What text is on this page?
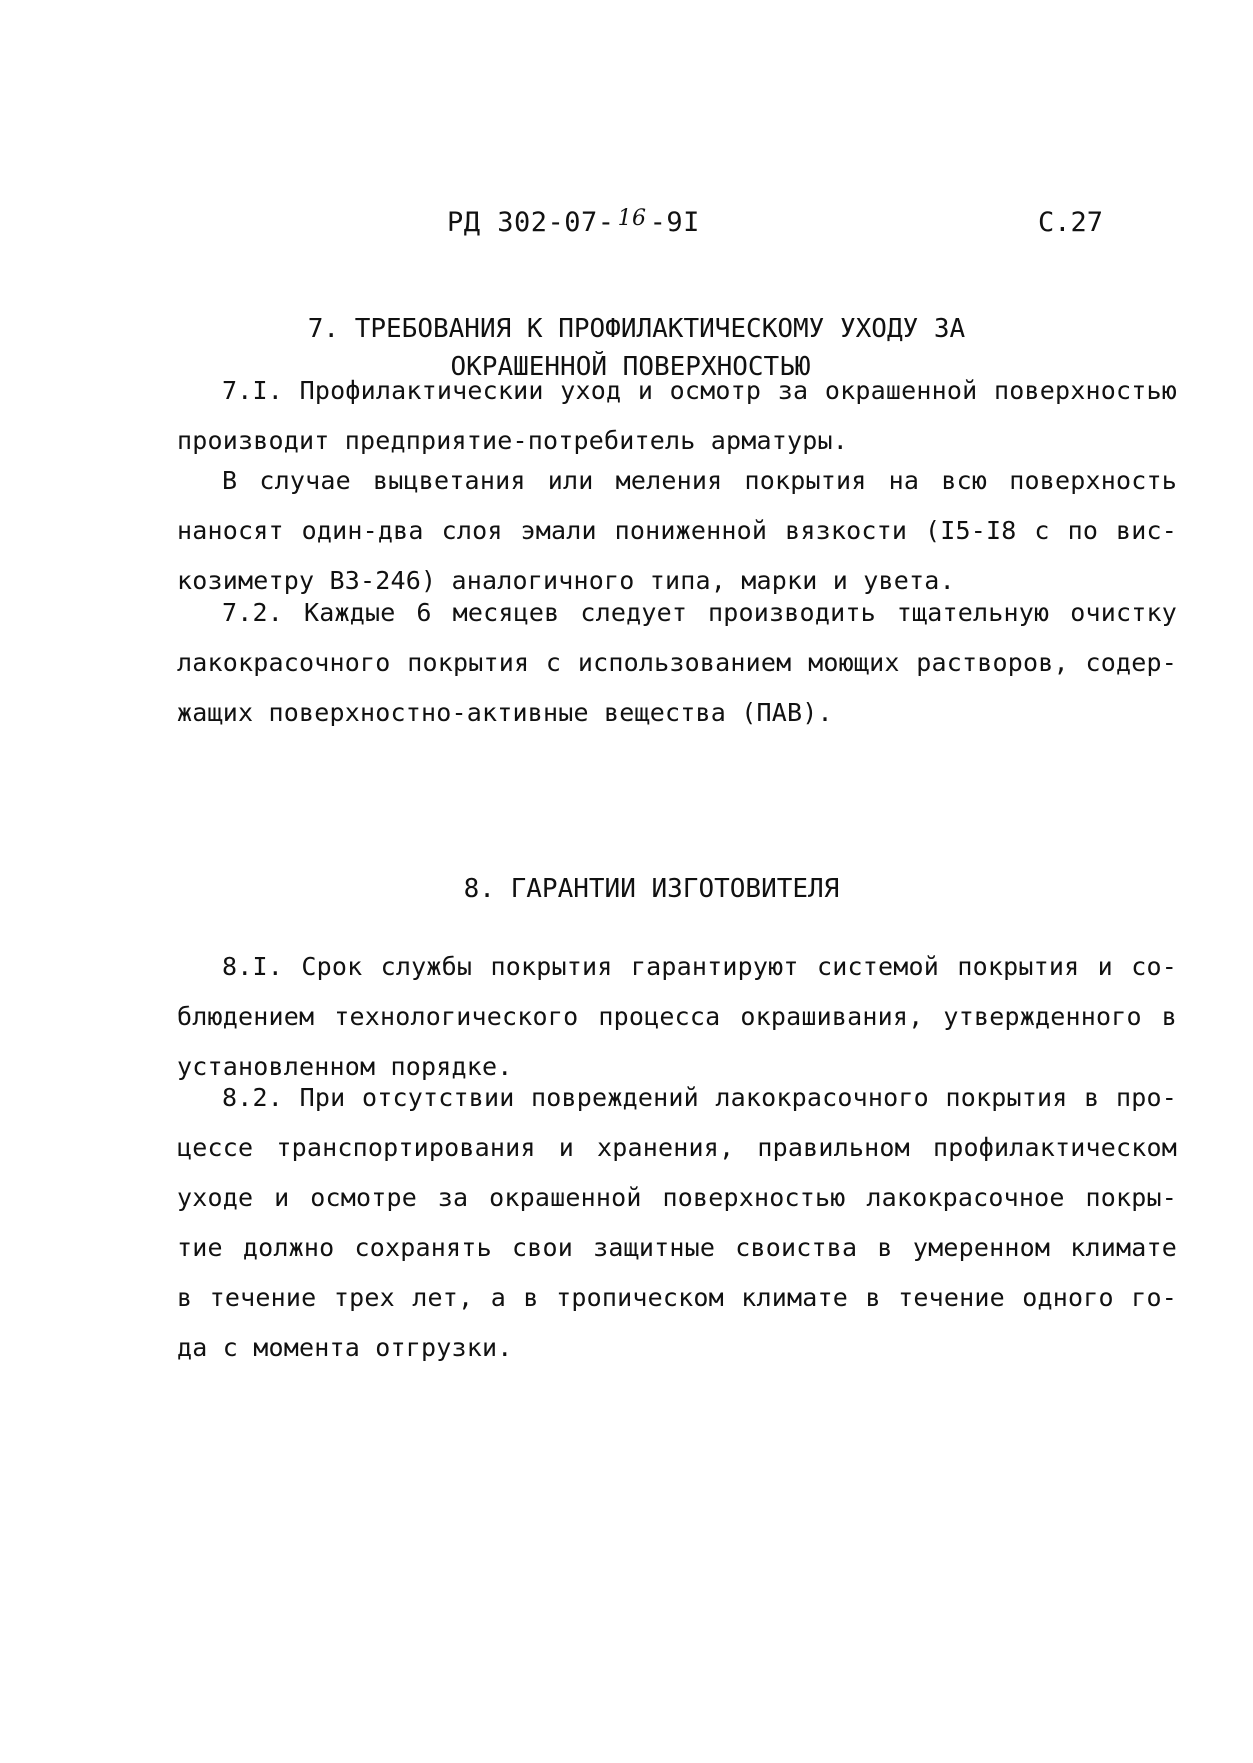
РД 302-07- $^{16}$ -9I	С.27
7. ТРЕБОВАНИЯ К ПРОФИЛАКТИЧЕСКОМУ УХОДУ ЗА
ОКРАШЕННОЙ ПОВЕРХНОСТЬЮ
7.I. Профилактическии уход и осмотр за окрашенной поверхностью
производит предприятие-потребитель арматуры.
В случае выцветания или меления покрытия на всю поверхность
наносят один-два слоя эмали пониженной вязкости (I5-I8 с по вис-
козиметру ВЗ-246) аналогичного типа, марки и увета.
7.2. Каждые 6 месяцев следует производить тщательную очистку
лакокрасочного покрытия с использованием моющих растворов, содер-
жащих поверхностно-активные вещества (ПАВ).
8. ГАРАНТИИ ИЗГОТОВИТЕЛЯ
8.I. Срок службы покрытия гарантируют системой покрытия и со-
блюдением технологического процесса окрашивания, утвержденного в
установленном порядке.
8.2. При отсутствии повреждений лакокрасочного покрытия в про-
цессе транспортирования и хранения, правильном профилактическом
уходе и осмотре за окрашенной поверхностью лакокрасочное покры-
тие должно сохранять свои защитные своиства в умеренном климате
в течение трех лет, а в тропическом климате в течение одного го-
да с момента отгрузки.
